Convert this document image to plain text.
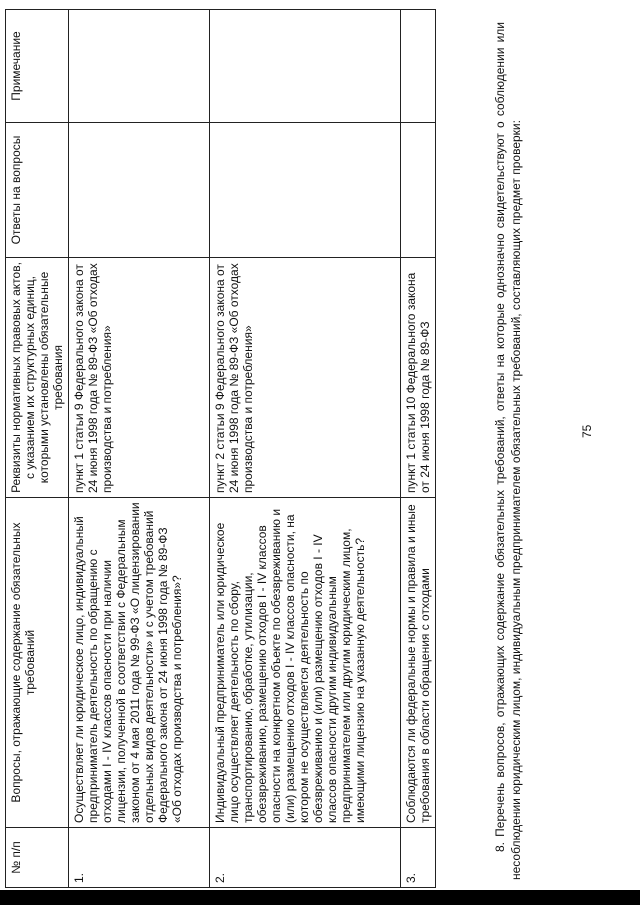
75

8. Перечень вопросов, отражающих содержание обязательных требований, ответы на которые однозначно свидетельствуют о соблюдении или несоблюдении юридическим лицом, индивидуальным предпринимателем обязательных требований, составляющих предмет проверки:

№ п/п	Вопросы, отражающие содержание обязательных требований	Реквизиты нормативных правовых актов, с указанием их структурных единиц, которыми установлены обязательные требования	Ответы на вопросы	Примечание
1.	Осуществляет ли юридическое лицо, индивидуальный предприниматель деятельность по обращению с отходами I - IV классов опасности при наличии лицензии, полученной в соответствии с Федеральным законом от 4 мая 2011 года № 99-ФЗ «О лицензировании отдельных видов деятельности» и с учетом требований Федерального закона от 24 июня 1998 года № 89-ФЗ «Об отходах производства и потребления»?	пункт 1 статьи 9 Федерального закона от 24 июня 1998 года № 89-ФЗ «Об отходах производства и потребления»		
2.	Индивидуальный предприниматель или юридическое лицо осуществляет деятельность по сбору, транспортированию, обработке, утилизации, обезвреживанию, размещению отходов I - IV классов опасности на конкретном объекте по обезвреживанию и (или) размещению отходов I - IV классов опасности, на котором не осуществляется деятельность по обезвреживанию и (или) размещению отходов I - IV классов опасности другим индивидуальным предпринимателем или другим юридическим лицом, имеющими лицензию на указанную деятельность?	пункт 2 статьи 9 Федерального закона от 24 июня 1998 года № 89-ФЗ «Об отходах производства и потребления»		
3.	Соблюдаются ли федеральные нормы и правила и иные требования в области обращения с отходами	пункт 1 статьи 10 Федерального закона от 24 июня 1998 года № 89-ФЗ		
